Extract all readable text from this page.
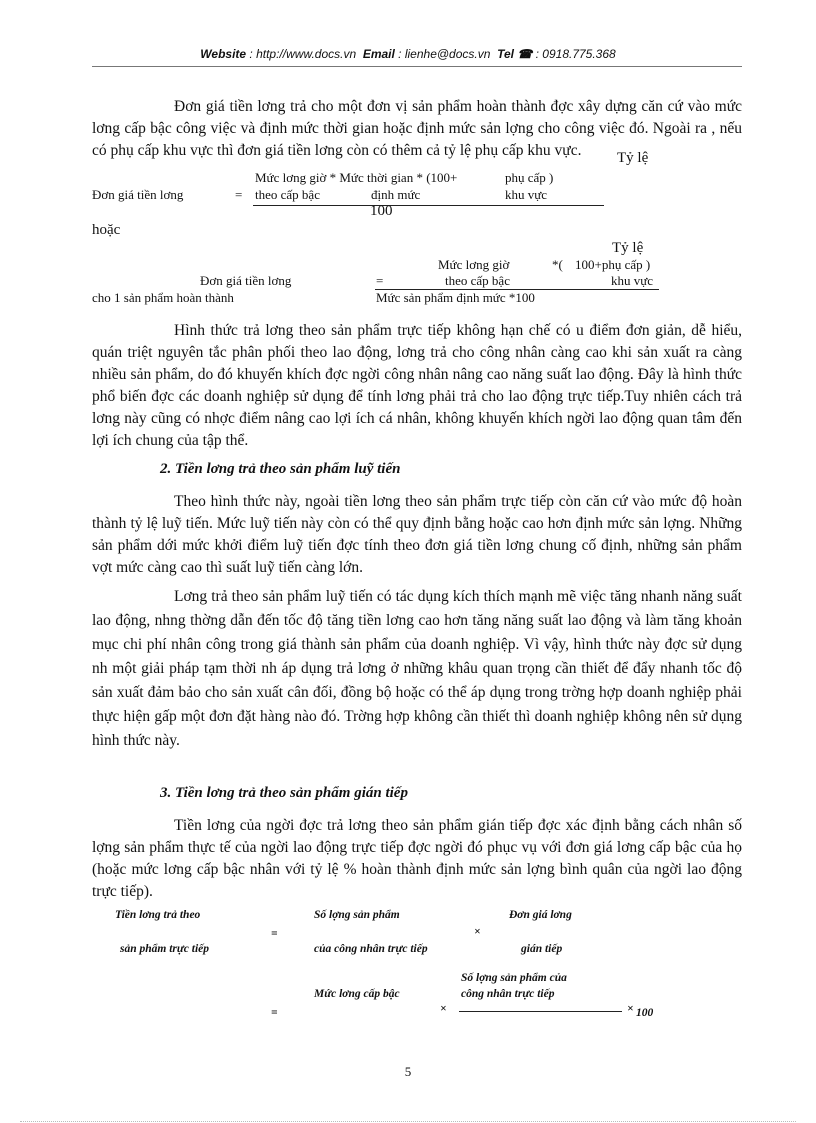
Website : http://www.docs.vn Email : lienhe@docs.vn Tel ☎ : 0918.775.368
Đơn giá tiền lơng trả cho một đơn vị sản phẩm hoàn thành đợc xây dựng căn cứ vào mức lơng cấp bậc công việc và định mức thời gian hoặc định mức sản lợng cho công việc đó. Ngoài ra , nếu có phụ cấp khu vực thì đơn giá tiền lơng còn có thêm cả tỷ lệ phụ cấp khu vực.	Tỷ lệ
Mức lơng giờ * Mức thời gian * (100+	phụ cấp )
Đơn giá tiền lơng	= theo cấp bậc	định mức	khu vực
100
hoặc
Tỷ lệ
Mức lơng giờ	*( 100+phụ cấp )
Đơn giá tiền lơng	=	theo cấp bậc	khu vực
cho 1 sản phẩm hoàn thành	Mức sản phẩm định mức *100
Hình thức trả lơng theo sản phẩm trực tiếp không hạn chế có u điểm đơn giản, dễ hiểu, quán triệt nguyên tắc phân phối theo lao động, lơng trả cho công nhân càng cao khi sản xuất ra càng nhiều sản phẩm, do đó khuyến khích đợc ngời công nhân nâng cao năng suất lao động. Đây là hình thức phổ biến đợc các doanh nghiệp sử dụng để tính lơng phải trả cho lao động trực tiếp.Tuy nhiên cách trả lơng này cũng có nhợc điểm nâng cao lợi ích cá nhân, không khuyến khích ngời lao động quan tâm đến lợi ích chung của tập thể.
2. Tiền lơng trả theo sản phẩm luỹ tiến
Theo hình thức này, ngoài tiền lơng theo sản phẩm trực tiếp còn căn cứ vào mức độ hoàn thành tỷ lệ luỹ tiến. Mức luỹ tiến này còn có thể quy định bằng hoặc cao hơn định mức sản lợng. Những sản phẩm dới mức khởi điểm luỹ tiến đợc tính theo đơn giá tiền lơng chung cố định, những sản phẩm vợt mức càng cao thì suất luỹ tiến càng lớn.
Lơng trả theo sản phẩm luỹ tiến có tác dụng kích thích mạnh mẽ việc tăng nhanh năng suất lao động, nhng thờng dẫn đến tốc độ tăng tiền lơng cao hơn tăng năng suất lao động và làm tăng khoản mục chi phí nhân công trong giá thành sản phẩm của doanh nghiệp. Vì vậy, hình thức này đợc sử dụng nh một giải pháp tạm thời nh áp dụng trả lơng ở những khâu quan trọng cần thiết để đẩy nhanh tốc độ sản xuất đảm bảo cho sản xuất cân đối, đồng bộ hoặc có thể áp dụng trong trờng hợp doanh nghiệp phải thực hiện gấp một đơn đặt hàng nào đó. Trờng hợp không cần thiết thì doanh nghiệp không nên sử dụng hình thức này.
3. Tiền lơng trả theo sản phẩm gián tiếp
Tiền lơng của ngời đợc trả lơng theo sản phẩm gián tiếp đợc xác định bằng cách nhân số lợng sản phẩm thực tế của ngời lao động trực tiếp đợc ngời đó phục vụ với đơn giá lơng cấp bậc của họ (hoặc mức lơng cấp bậc nhân với tỷ lệ % hoàn thành định mức sản lợng bình quân của ngời lao động trực tiếp).
Tiền lơng trả theo
sản phẩm trực tiếp
=
Số lợng sản phẩm
của công nhân trực tiếp
×
Đơn giá lơng
gián tiếp
Số lợng sản phẩm của
Mức lơng cấp bậc	công nhân trực tiếp
×
=	× 100
5
